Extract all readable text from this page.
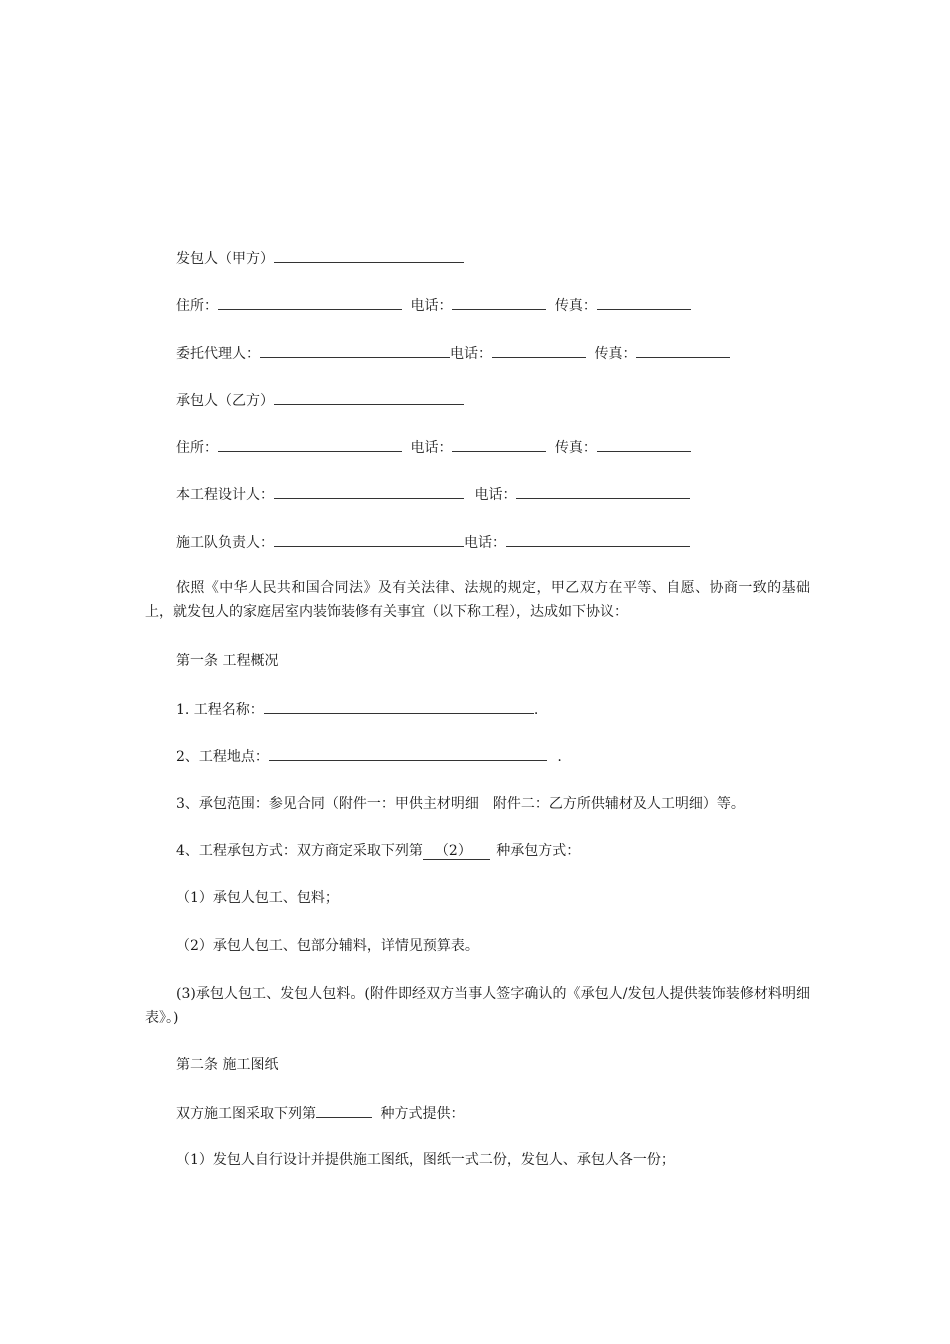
发包人（甲方）
住所：	电话：	传真：
委托代理人：	电话：	传真：
承包人（乙方）
住所：	电话：	传真：
本工程设计人：	电话：
施工队负责人：	电话：
依照《中华人民共和国合同法》及有关法律、法规的规定，甲乙双方在平等、自愿、协商一致的基础上，就发包人的家庭居室内装饰装修有关事宜（以下称工程），达成如下协议：
第一条 工程概况
1. 工程名称：	.
2、工程地点：	.
3、承包范围：参见合同（附件一：甲供主材明细　附件二：乙方所供辅材及人工明细）等。
4、工程承包方式：双方商定采取下列第 （2） 种承包方式：
（1）承包人包工、包料；
（2）承包人包工、包部分辅料，详情见预算表。
(3)承包人包工、发包人包料。(附件即经双方当事人签字确认的《承包人/发包人提供装饰装修材料明细表》。)
第二条 施工图纸
双方施工图采取下列第	种方式提供：
（1）发包人自行设计并提供施工图纸，图纸一式二份，发包人、承包人各一份；
